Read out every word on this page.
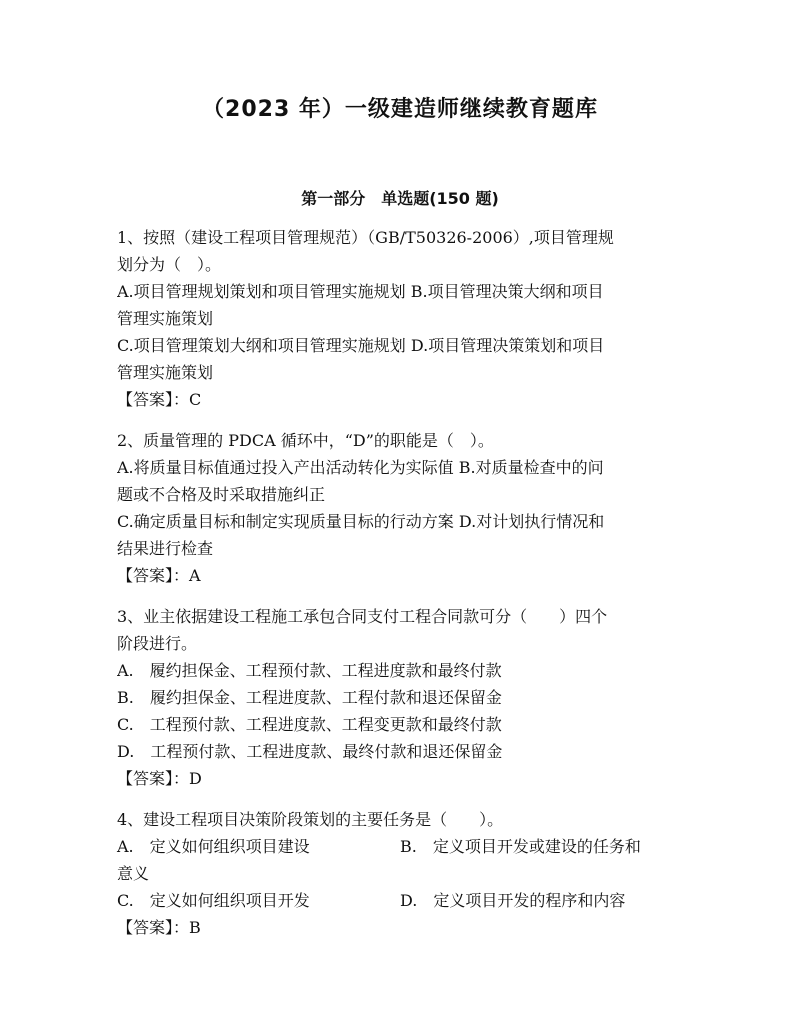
（2023 年）一级建造师继续教育题库
第一部分　单选题(150 题)
1、按照（建设工程项目管理规范）（GB/T50326-2006）,项目管理规
划分为（　）。
A.项目管理规划策划和项目管理实施规划 B.项目管理决策大纲和项目
管理实施策划
C.项目管理策划大纲和项目管理实施规划 D.项目管理决策策划和项目
管理实施策划
【答案】：C
2、质量管理的 PDCA 循环中，“D”的职能是（　）。
A.将质量目标值通过投入产出活动转化为实际值 B.对质量检查中的问
题或不合格及时采取措施纠正
C.确定质量目标和制定实现质量目标的行动方案 D.对计划执行情况和
结果进行检查
【答案】：A
3、业主依据建设工程施工承包合同支付工程合同款可分（　　）四个
阶段进行。
A.　履约担保金、工程预付款、工程进度款和最终付款
B.　履约担保金、工程进度款、工程付款和退还保留金
C.　工程预付款、工程进度款、工程变更款和最终付款
D.　工程预付款、工程进度款、最终付款和退还保留金
【答案】：D
4、建设工程项目决策阶段策划的主要任务是（　　）。
A.　定义如何组织项目建设	B.　定义项目开发或建设的任务和
意义
C.　定义如何组织项目开发	D.　定义项目开发的程序和内容
【答案】：B
